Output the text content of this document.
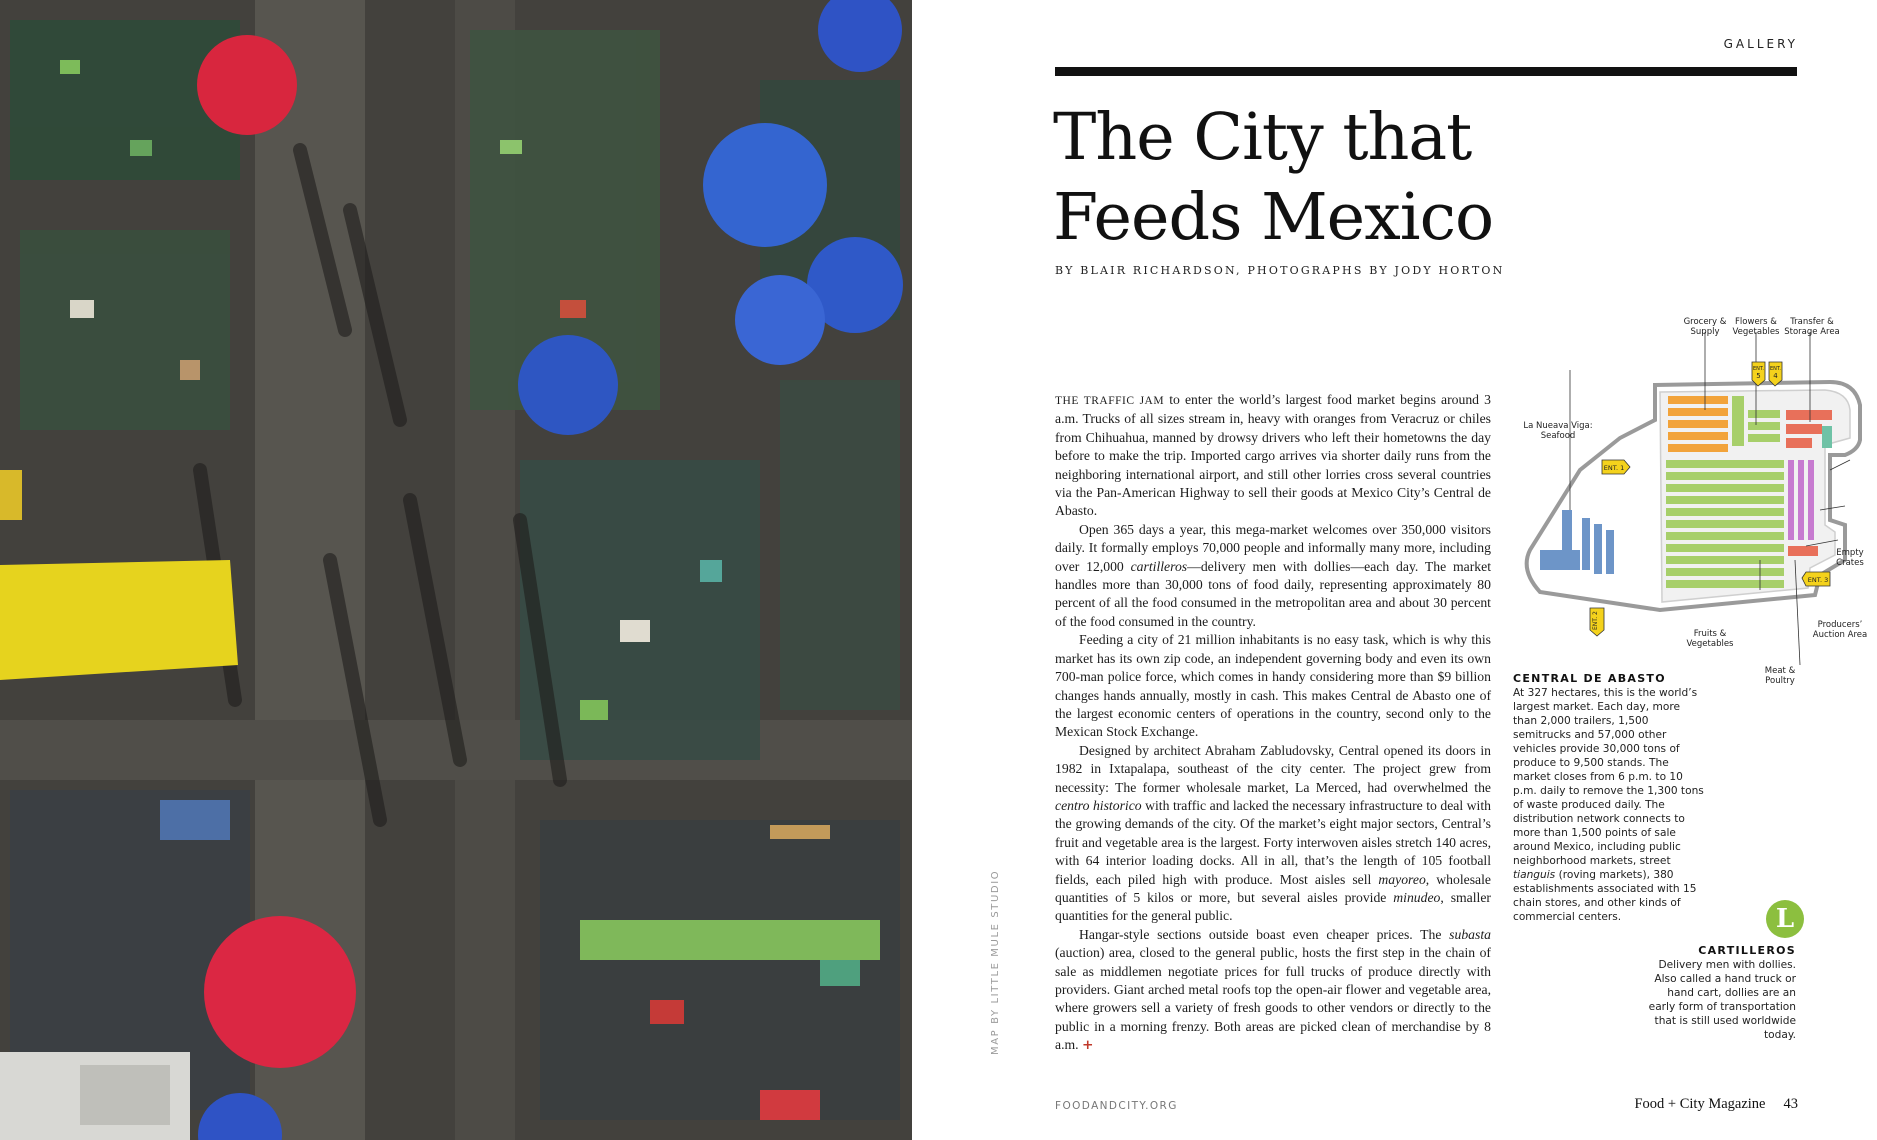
MAP BY LITTLE MULE STUDIO
GALLERY
The City that
Feeds Mexico
BY BLAIR RICHARDSON, PHOTOGRAPHS BY JODY HORTON

THE TRAFFIC JAM to enter the world’s largest food market begins around 3 a.m. Trucks of all sizes stream in, heavy with oranges from Veracruz or chiles from Chihuahua, manned by drowsy drivers who left their hometowns the day before to make the trip. Imported cargo arrives via shorter daily runs from the neighboring international airport, and still other lorries cross several countries via the Pan-American Highway to sell their goods at Mexico City’s Central de Abasto.

Open 365 days a year, this mega-market welcomes over 350,000 visitors daily. It formally employs 70,000 people and informally many more, including over 12,000 cartilleros—delivery men with dollies—each day. The market handles more than 30,000 tons of food daily, representing approximately 80 percent of all the food consumed in the metropolitan area and about 30 percent of the food consumed in the country.

Feeding a city of 21 million inhabitants is no easy task, which is why this market has its own zip code, an independent governing body and even its own 700-man police force, which comes in handy considering more than $9 billion changes hands annually, mostly in cash. This makes Central de Abasto one of the largest economic centers of operations in the country, second only to the Mexican Stock Exchange.

Designed by architect Abraham Zabludovsky, Central opened its doors in 1982 in Ixtapalapa, southeast of the city center. The project grew from necessity: The former wholesale market, La Merced, had overwhelmed the centro historico with traffic and lacked the necessary infrastructure to deal with the growing demands of the city. Of the market’s eight major sectors, Central’s fruit and vegetable area is the largest. Forty interwoven aisles stretch 140 acres, with 64 interior loading docks. All in all, that’s the length of 105 football fields, each piled high with produce. Most aisles sell mayoreo, wholesale quantities of 5 kilos or more, but several aisles provide minudeo, smaller quantities for the general public.

Hangar-style sections outside boast even cheaper prices. The subasta (auction) area, closed to the general public, hosts the first step in the chain of sale as middlemen negotiate prices for full trucks of produce directly with providers. Giant arched metal roofs top the open-air flower and vegetable area, where growers sell a variety of fresh goods to other vendors or directly to the public in a morning frenzy. Both areas are picked clean of merchandise by 8 a.m. +

Grocery &
Supply
Flowers &
Vegetables
Transfer &
Storage Area
La Nueava Viga:
Seafood
Empty
Crates
Producers’
Auction Area
Fruits &
Vegetables
Meat &
Poultry
ENT. 1
ENT.
5
ENT.
4
ENT. 3
ENT. 2
CENTRAL DE ABASTO
At 327 hectares, this is the world’s largest market. Each day, more than 2,000 trailers, 1,500 semitrucks and 57,000 other vehicles provide 30,000 tons of produce to 9,500 stands. The market closes from 6 p.m. to 10 p.m. daily to remove the 1,300 tons of waste produced daily. The distribution network connects to more than 1,500 points of sale around Mexico, including public neighborhood markets, street tianguis (roving markets), 380 establishments associated with 15 chain stores, and other kinds of commercial centers.	L
CARTILLEROS
Delivery men with dollies. Also called a hand truck or hand cart, dollies are an early form of transportation that is still used worldwide today.
FOODANDCITY.ORG	Food + City Magazine 43
